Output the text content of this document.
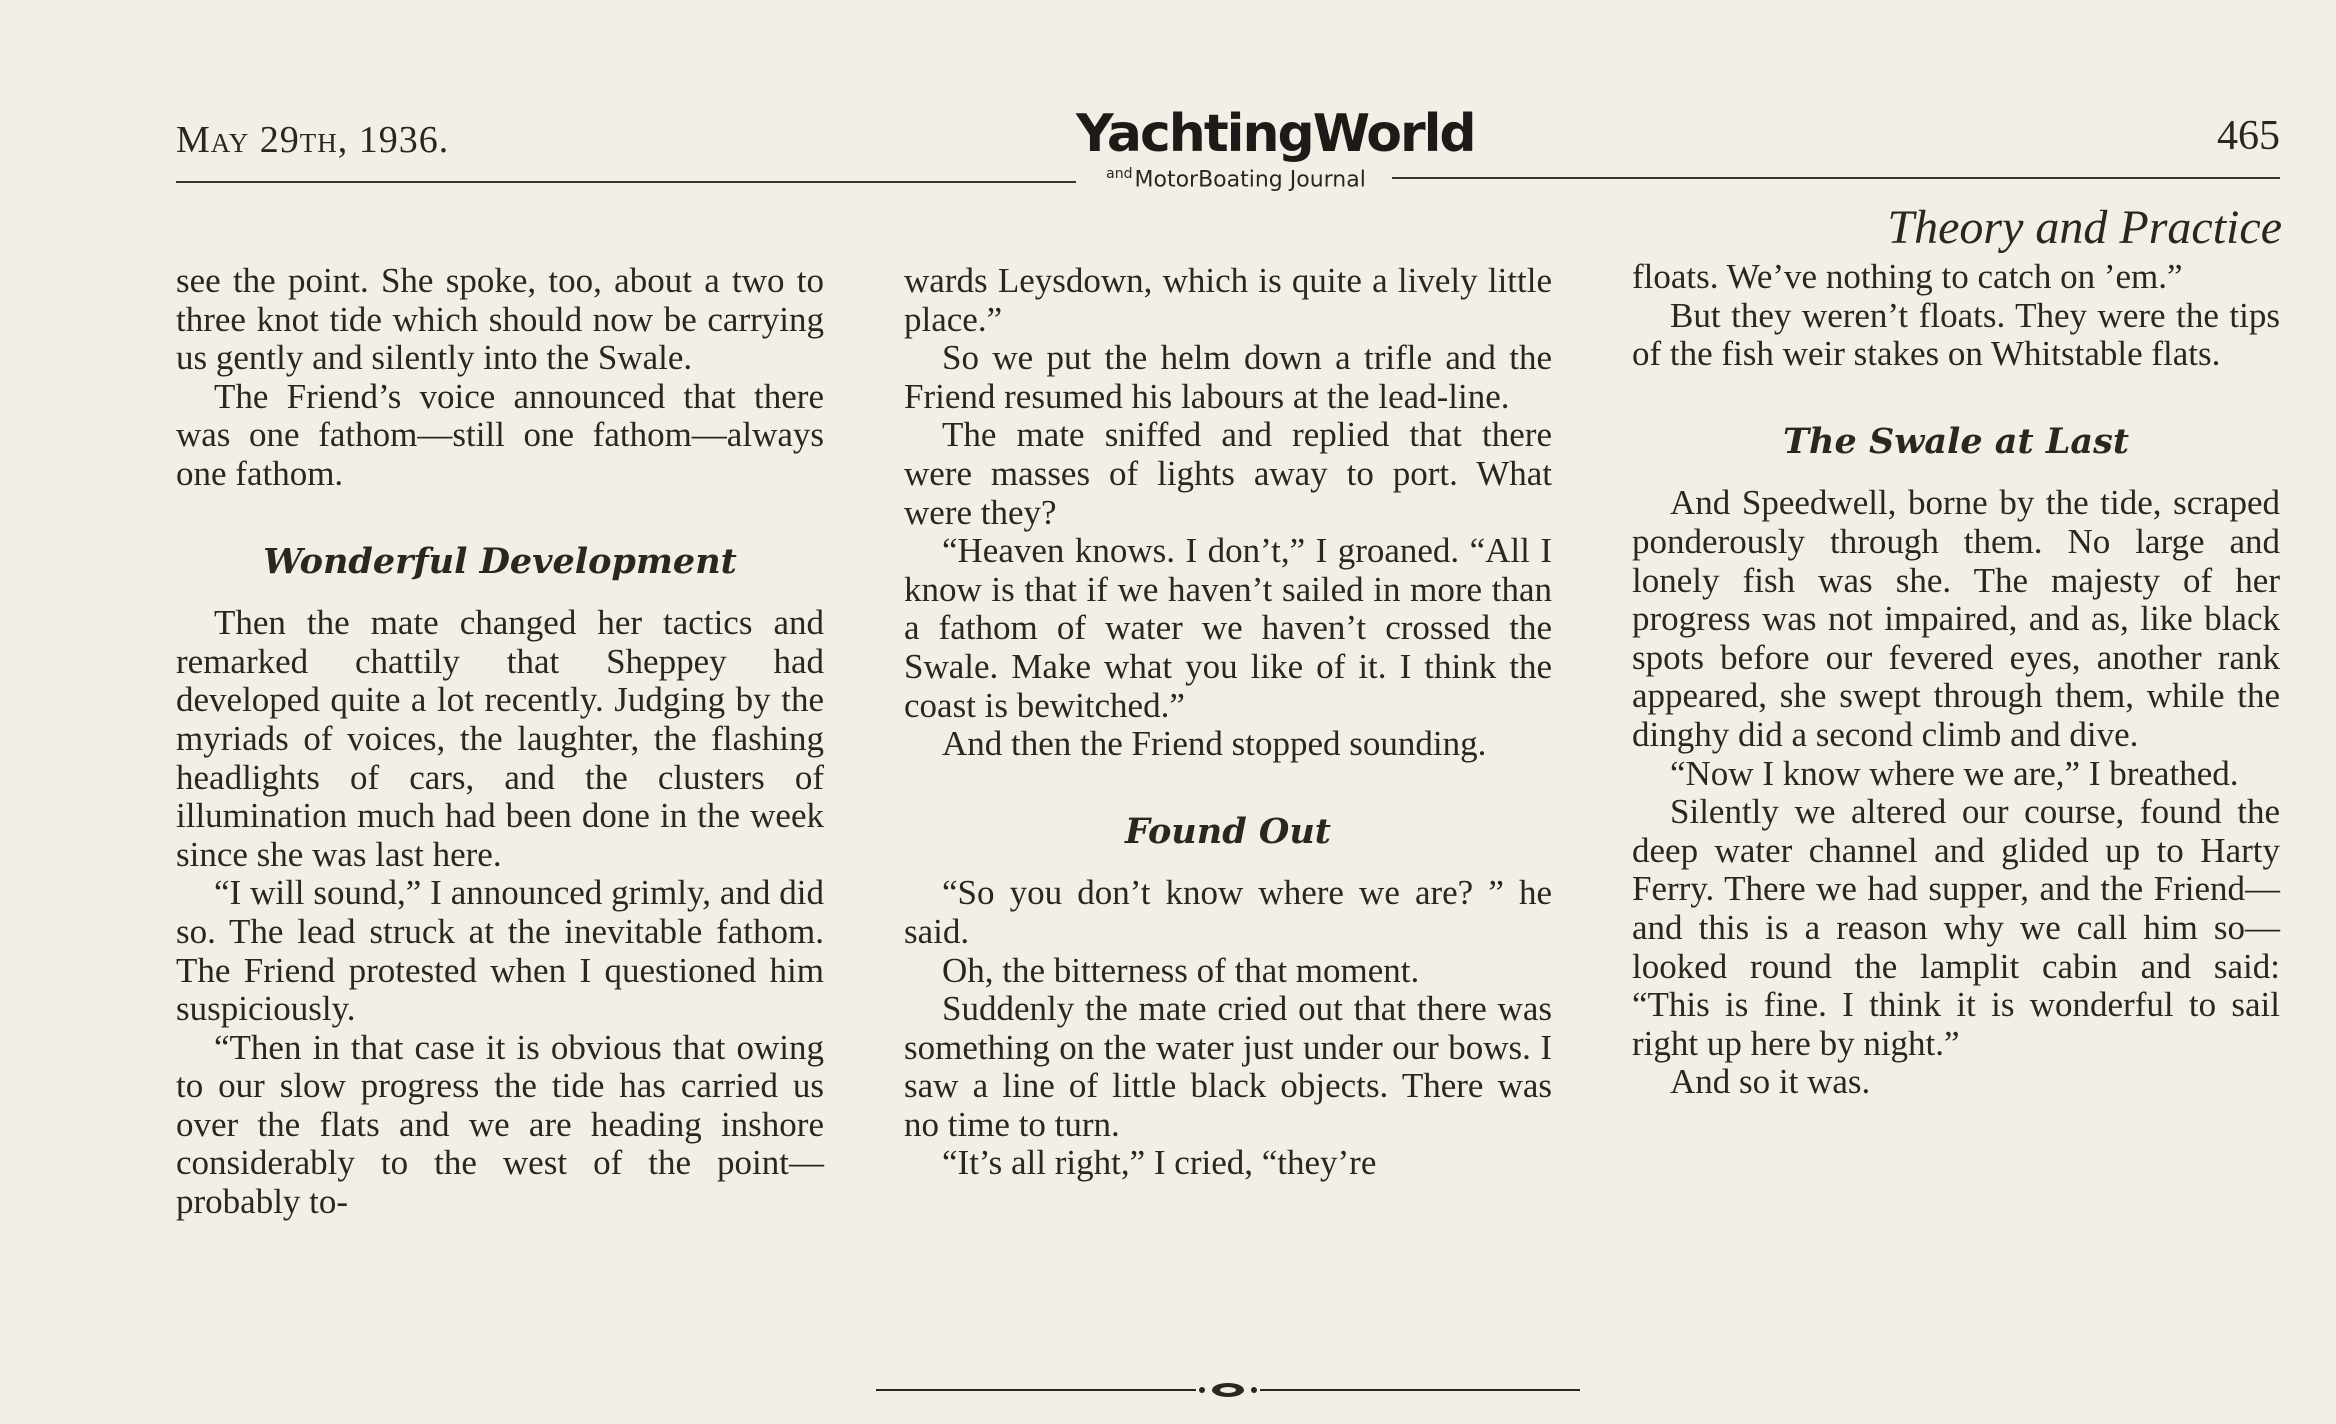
May 29th, 1936.	YachtingWorld
$^{and}$MotorBoating Journal
465
Theory and Practice

see the point. She spoke, too, about a two to three knot tide which should now be carrying us gently and silently into the Swale.

The Friend’s voice announced that there was one fathom—still one fathom—always one fathom.

Wonderful Development

Then the mate changed her tactics and remarked chattily that Sheppey had developed quite a lot recently. Judging by the myriads of voices, the laughter, the flashing headlights of cars, and the clusters of illumination much had been done in the week since she was last here.

“I will sound,” I announced grimly, and did so. The lead struck at the inevitable fathom. The Friend protested when I questioned him suspiciously.

“Then in that case it is obvious that owing to our slow progress the tide has carried us over the flats and we are heading inshore considerably to the west of the point—probably to-

wards Leysdown, which is quite a lively little place.”

So we put the helm down a trifle and the Friend resumed his labours at the lead-line.

The mate sniffed and replied that there were masses of lights away to port. What were they?

“Heaven knows. I don’t,” I groaned. “All I know is that if we haven’t sailed in more than a fathom of water we haven’t crossed the Swale. Make what you like of it. I think the coast is bewitched.”

And then the Friend stopped sounding.

Found Out

“So you don’t know where we are? ” he said.

Oh, the bitterness of that moment.

Suddenly the mate cried out that there was something on the water just under our bows. I saw a line of little black objects. There was no time to turn.

“It’s all right,” I cried, “they’re

floats. We’ve nothing to catch on ’em.”

But they weren’t floats. They were the tips of the fish weir stakes on Whitstable flats.

The Swale at Last

And Speedwell, borne by the tide, scraped ponderously through them. No large and lonely fish was she. The majesty of her progress was not impaired, and as, like black spots before our fevered eyes, another rank appeared, she swept through them, while the dinghy did a second climb and dive.

“Now I know where we are,” I breathed.

Silently we altered our course, found the deep water channel and glided up to Harty Ferry. There we had supper, and the Friend—and this is a reason why we call him so—looked round the lamplit cabin and said: “This is fine. I think it is wonderful to sail right up here by night.”

And so it was.
